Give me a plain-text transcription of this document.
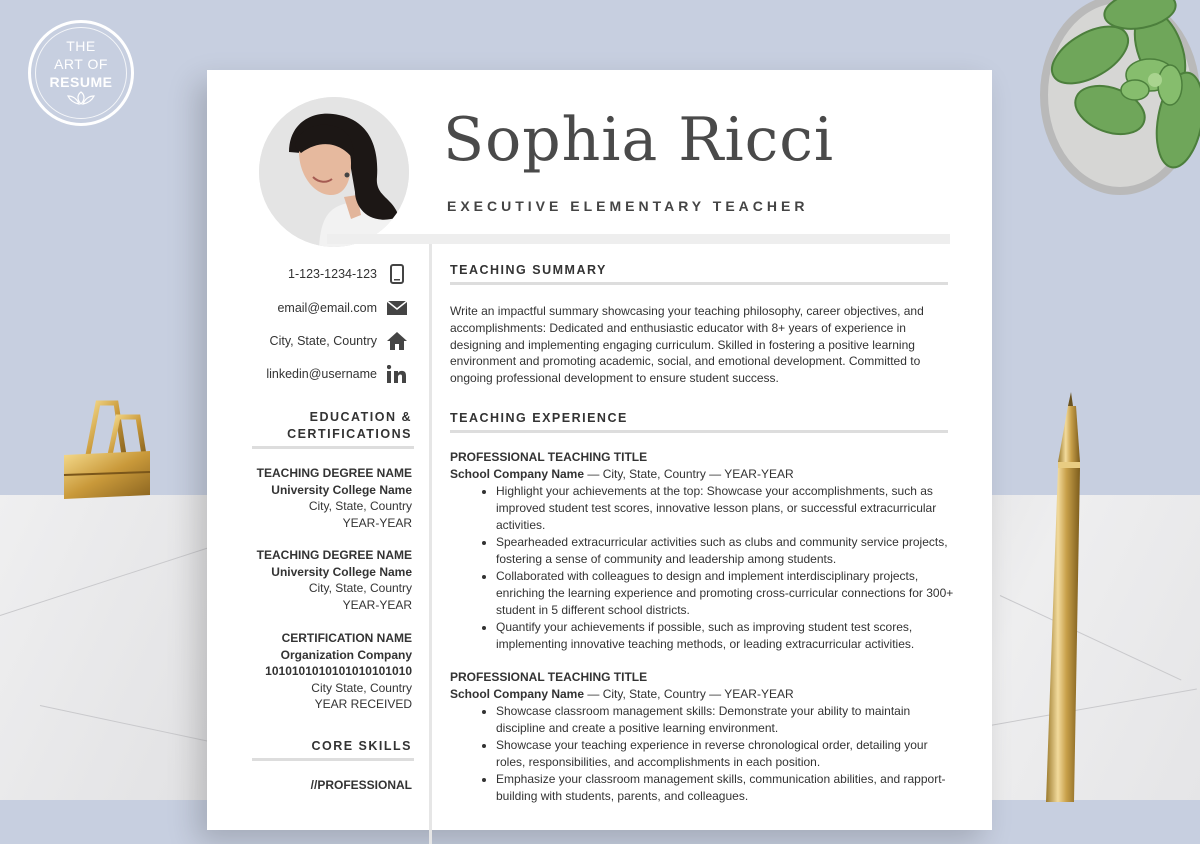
THE
ART OF
RESUME
Sophia Ricci
EXECUTIVE ELEMENTARY TEACHER
1-123-1234-123
email@email.com
City, State, Country
linkedin@username
EDUCATION &
CERTIFICATIONS
TEACHING DEGREE NAME
University College Name
City, State, Country
YEAR-YEAR
TEACHING DEGREE NAME
University College Name
City, State, Country
YEAR-YEAR
CERTIFICATION NAME
Organization Company
1010101010101010101010
City State, Country
YEAR RECEIVED
CORE SKILLS
//PROFESSIONAL
TEACHING SUMMARY
Write an impactful summary showcasing your teaching philosophy, career objectives, and accomplishments: Dedicated and enthusiastic educator with 8+ years of experience in designing and implementing engaging curriculum. Skilled in fostering a positive learning environment and promoting academic, social, and emotional development. Committed to ongoing professional development to ensure student success.
TEACHING EXPERIENCE
PROFESSIONAL TEACHING TITLE
School Company Name — City, State, Country — YEAR-YEAR
• Highlight your achievements at the top: Showcase your accomplishments, such as improved student test scores, innovative lesson plans, or successful extracurricular activities.
• Spearheaded extracurricular activities such as clubs and community service projects, fostering a sense of community and leadership among students.
• Collaborated with colleagues to design and implement interdisciplinary projects, enriching the learning experience and promoting cross-curricular connections for 300+ student in 5 different school districts.
• Quantify your achievements if possible, such as improving student test scores, implementing innovative teaching methods, or leading extracurricular activities.
PROFESSIONAL TEACHING TITLE
School Company Name — City, State, Country — YEAR-YEAR
• Showcase classroom management skills: Demonstrate your ability to maintain discipline and create a positive learning environment.
• Showcase your teaching experience in reverse chronological order, detailing your roles, responsibilities, and accomplishments in each position.
• Emphasize your classroom management skills, communication abilities, and rapport-building with students, parents, and colleagues.
